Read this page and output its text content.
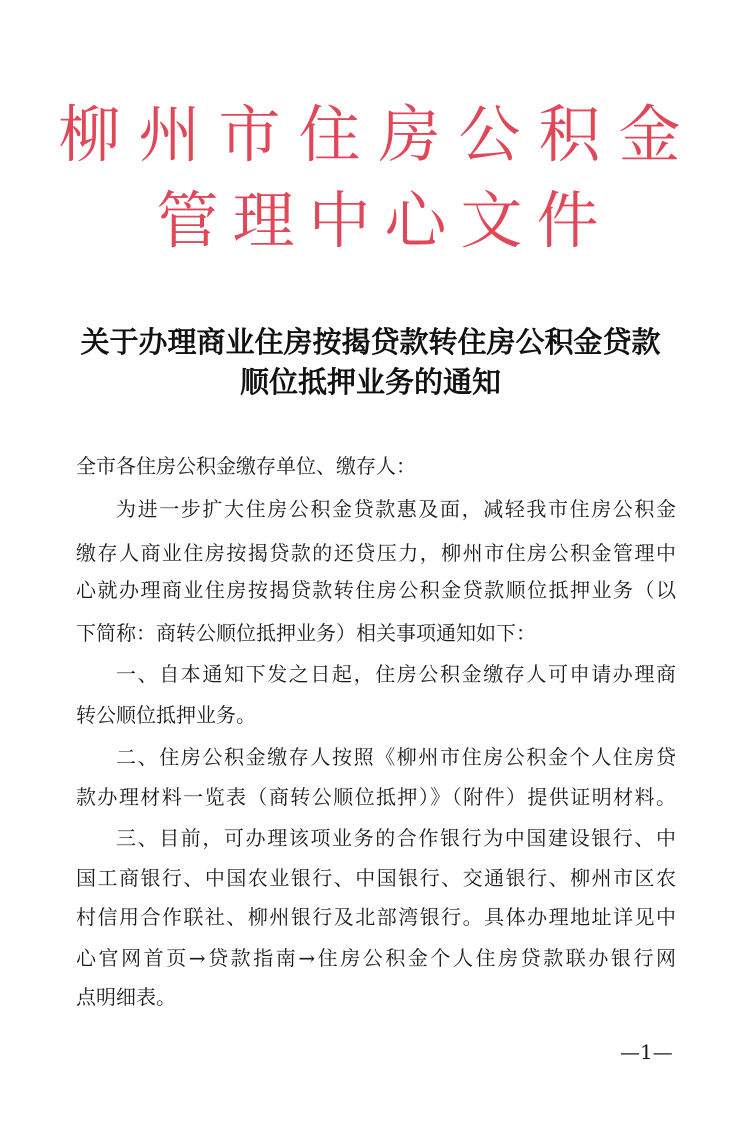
柳州市住房公积金
管理中心文件
关于办理商业住房按揭贷款转住房公积金贷款
顺位抵押业务的通知
全市各住房公积金缴存单位、缴存人：
为进一步扩大住房公积金贷款惠及面，减轻我市住房公积金
缴存人商业住房按揭贷款的还贷压力，柳州市住房公积金管理中
心就办理商业住房按揭贷款转住房公积金贷款顺位抵押业务（以
下简称：商转公顺位抵押业务）相关事项通知如下：
一、自本通知下发之日起，住房公积金缴存人可申请办理商
转公顺位抵押业务。
二、住房公积金缴存人按照《柳州市住房公积金个人住房贷
款办理材料一览表（商转公顺位抵押）》（附件）提供证明材料。
三、目前，可办理该项业务的合作银行为中国建设银行、中
国工商银行、中国农业银行、中国银行、交通银行、柳州市区农
村信用合作联社、柳州银行及北部湾银行。具体办理地址详见中
心官网首页→贷款指南→住房公积金个人住房贷款联办银行网
点明细表。
—1—
